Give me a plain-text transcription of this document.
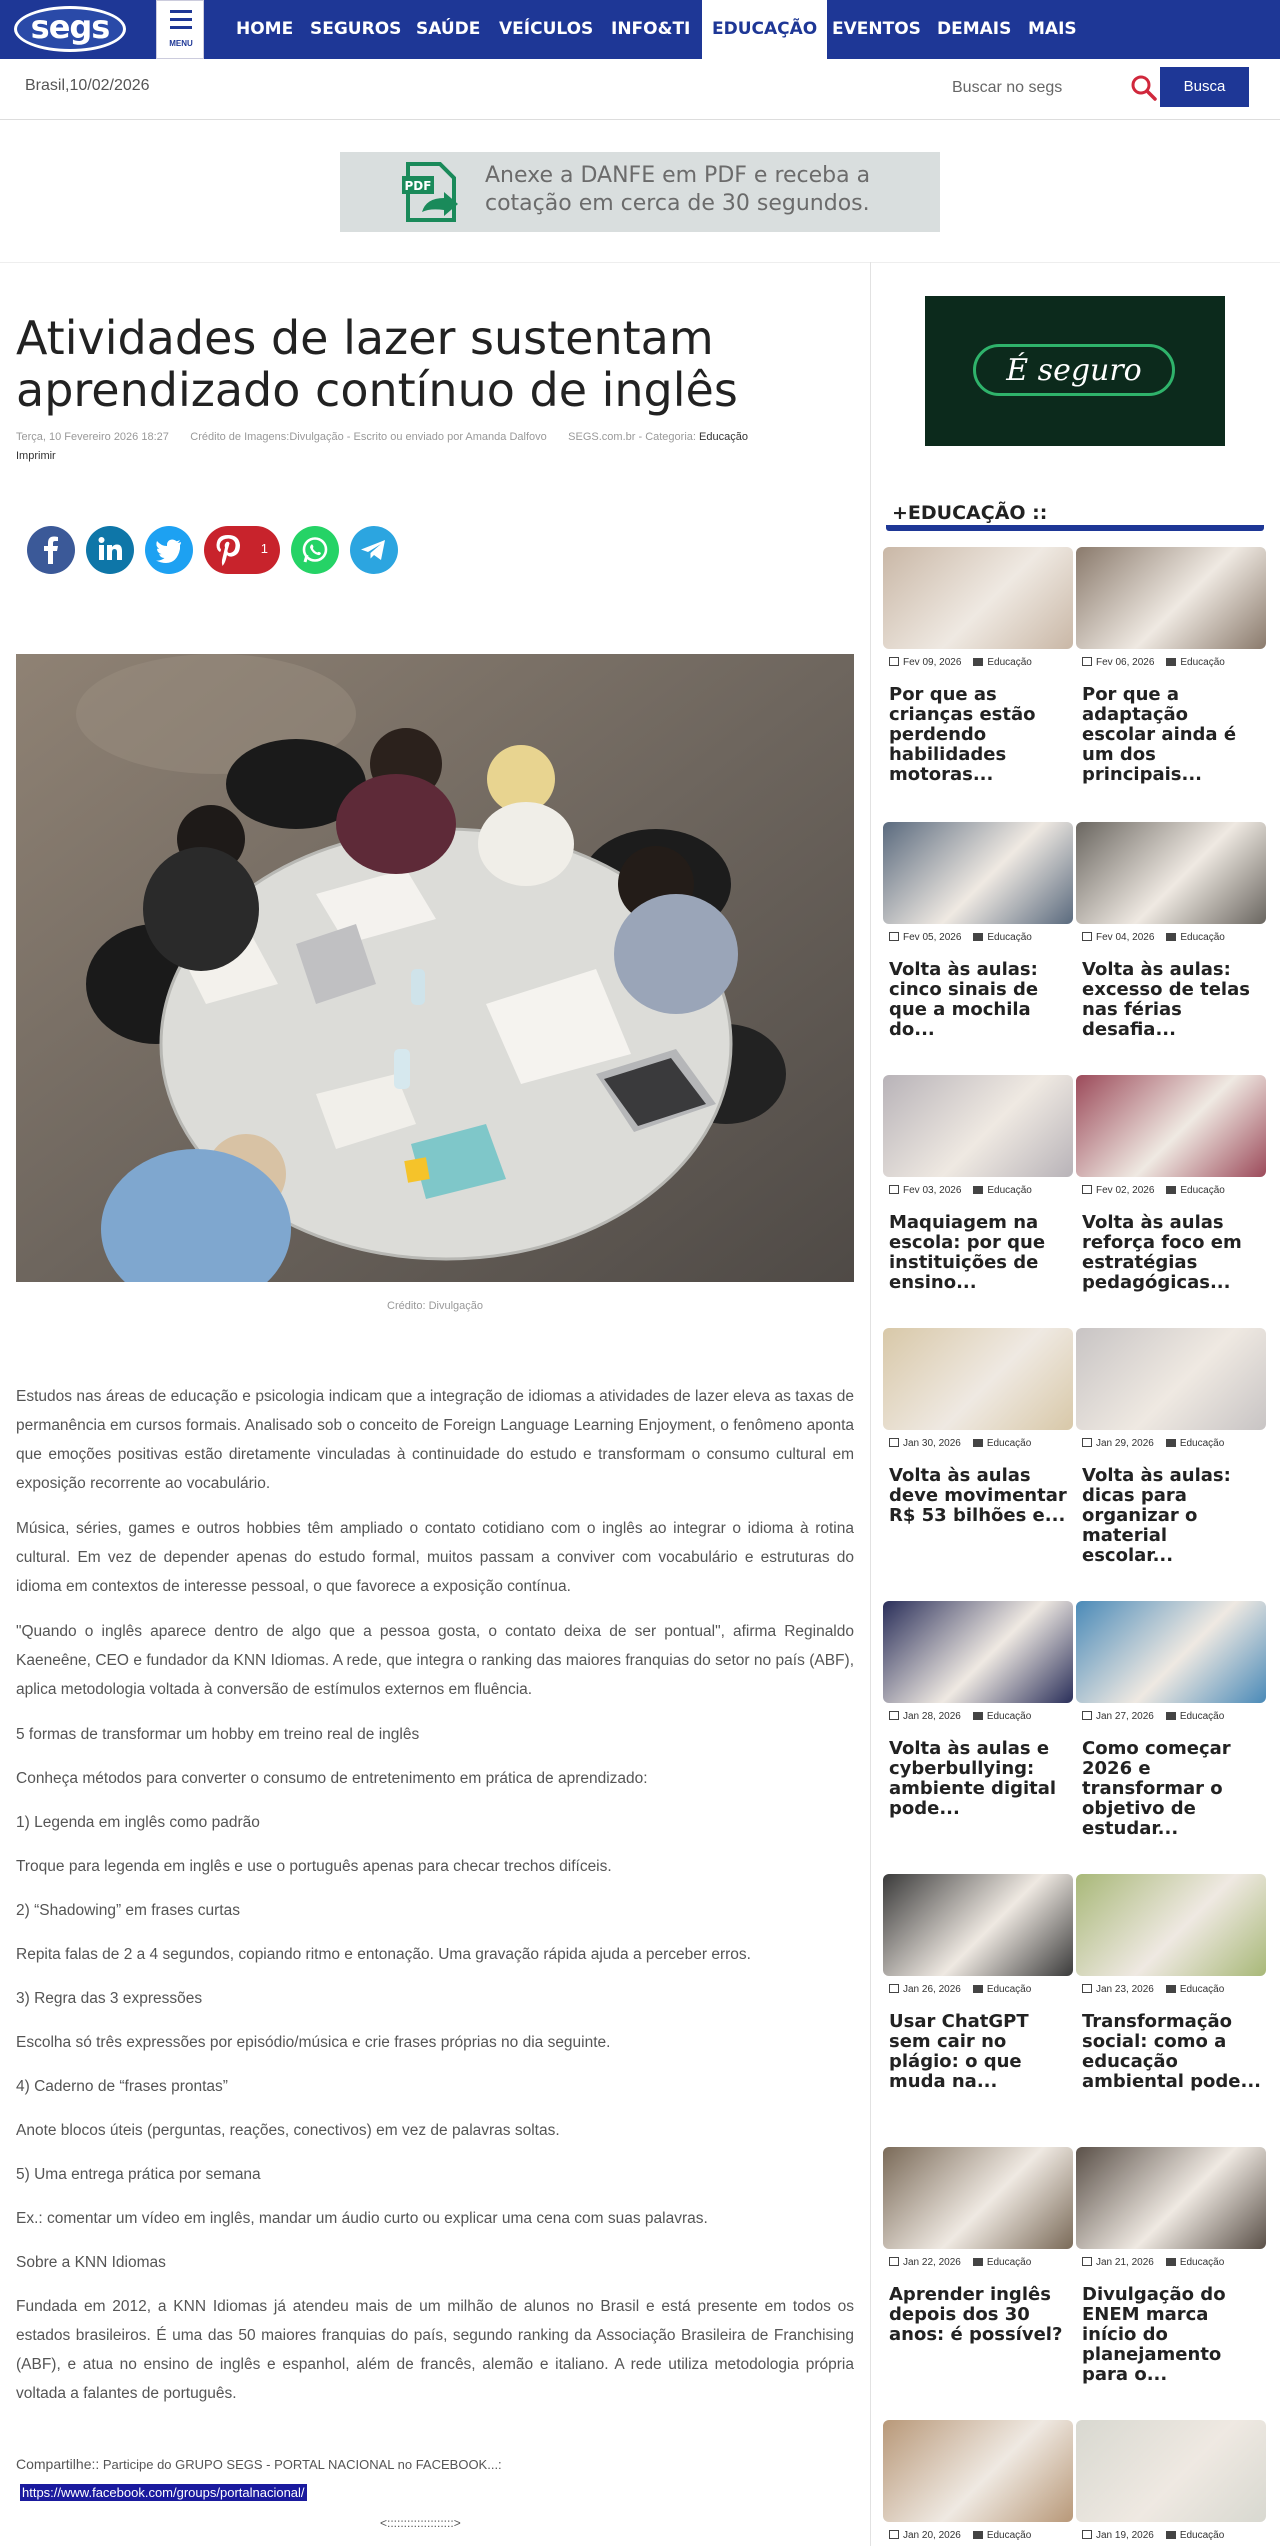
segs	MENU
HOME SEGUROS SAÚDE VEÍCULOS INFO&TI	EDUCAÇÃO EVENTOS DEMAIS MAIS
Brasil,10/02/2026
Buscar no segs	Busca
PDF Anexe a DANFE em PDF e receba a
cotação em cerca de 30 segundos.
Atividades de lazer sustentam aprendizado contínuo de inglês
Terça, 10 Fevereiro 2026 18:27 Crédito de Imagens:Divulgação - Escrito ou enviado por Amanda Dalfovo SEGS.com.br - Categoria: Educação
Imprimir
1
Crédito: Divulgação

Estudos nas áreas de educação e psicologia indicam que a integração de idiomas a atividades de lazer eleva as taxas de permanência em cursos formais. Analisado sob o conceito de Foreign Language Learning Enjoyment, o fenômeno aponta que emoções positivas estão diretamente vinculadas à continuidade do estudo e transformam o consumo cultural em exposição recorrente ao vocabulário.

Música, séries, games e outros hobbies têm ampliado o contato cotidiano com o inglês ao integrar o idioma à rotina cultural. Em vez de depender apenas do estudo formal, muitos passam a conviver com vocabulário e estruturas do idioma em contextos de interesse pessoal, o que favorece a exposição contínua.

"Quando o inglês aparece dentro de algo que a pessoa gosta, o contato deixa de ser pontual", afirma Reginaldo Kaeneêne, CEO e fundador da KNN Idiomas. A rede, que integra o ranking das maiores franquias do setor no país (ABF), aplica metodologia voltada à conversão de estímulos externos em fluência.

5 formas de transformar um hobby em treino real de inglês

Conheça métodos para converter o consumo de entretenimento em prática de aprendizado:

1) Legenda em inglês como padrão

Troque para legenda em inglês e use o português apenas para checar trechos difíceis.

2) “Shadowing” em frases curtas

Repita falas de 2 a 4 segundos, copiando ritmo e entonação. Uma gravação rápida ajuda a perceber erros.

3) Regra das 3 expressões

Escolha só três expressões por episódio/música e crie frases próprias no dia seguinte.

4) Caderno de “frases prontas”

Anote blocos úteis (perguntas, reações, conectivos) em vez de palavras soltas.

5) Uma entrega prática por semana

Ex.: comentar um vídeo em inglês, mandar um áudio curto ou explicar uma cena com suas palavras.

Sobre a KNN Idiomas

Fundada em 2012, a KNN Idiomas já atendeu mais de um milhão de alunos no Brasil e está presente em todos os estados brasileiros. É uma das 50 maiores franquias do país, segundo ranking da Associação Brasileira de Franchising (ABF), e atua no ensino de inglês e espanhol, além de francês, alemão e italiano. A rede utiliza metodologia própria voltada a falantes de português.

Compartilhe:: Participe do GRUPO SEGS - PORTAL NACIONAL no FACEBOOK...:
https://www.facebook.com/groups/portalnacional/
<::::::::::::::::::::>
É seguro
+EDUCAÇÃO ::
Fev 09, 2026	Educação
Por que as crianças estão perdendo habilidades motoras...
Fev 06, 2026	Educação
Por que a adaptação escolar ainda é um dos principais...
Fev 05, 2026	Educação
Volta às aulas: cinco sinais de que a mochila do...
Fev 04, 2026	Educação
Volta às aulas: excesso de telas nas férias desafia...
Fev 03, 2026	Educação
Maquiagem na escola: por que instituições de ensino...
Fev 02, 2026	Educação
Volta às aulas reforça foco em estratégias pedagógicas...
Jan 30, 2026	Educação
Volta às aulas deve movimentar R$ 53 bilhões e...
Jan 29, 2026	Educação
Volta às aulas: dicas para organizar o material escolar...
Jan 28, 2026	Educação
Volta às aulas e cyberbullying: ambiente digital pode...
Jan 27, 2026	Educação
Como começar 2026 e transformar o objetivo de estudar...
Jan 26, 2026	Educação
Usar ChatGPT sem cair no plágio: o que muda na...
Jan 23, 2026	Educação
Transformação social: como a educação ambiental pode...
Jan 22, 2026	Educação
Aprender inglês depois dos 30 anos: é possível?
Jan 21, 2026	Educação
Divulgação do ENEM marca início do planejamento para o...
Jan 20, 2026	Educação	Jan 19, 2026	Educação
